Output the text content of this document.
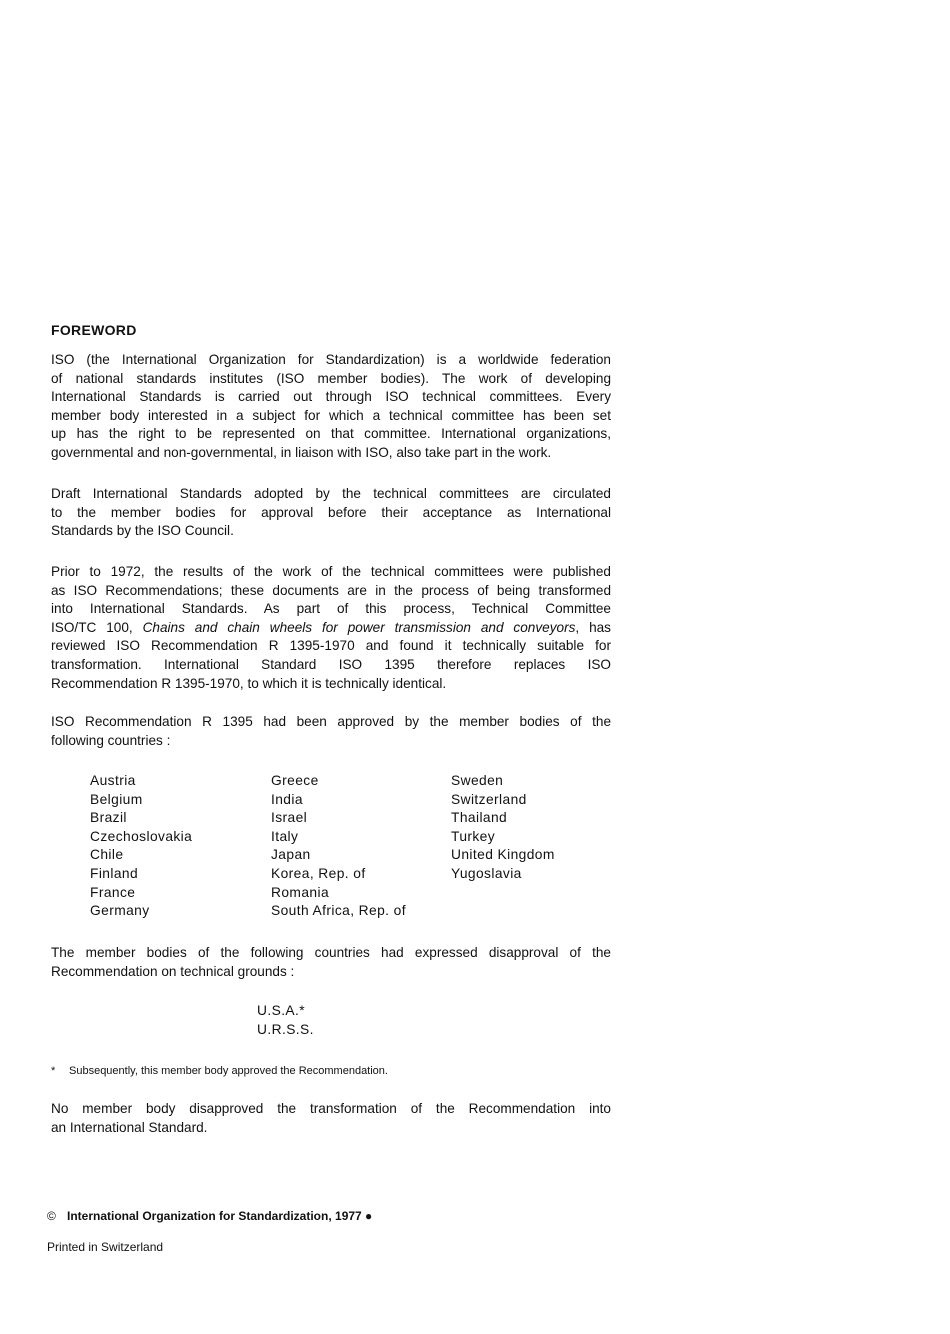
FOREWORD

ISO (the International Organization for Standardization) is a worldwide federation
of national standards institutes (ISO member bodies). The work of developing
International Standards is carried out through ISO technical committees. Every
member body interested in a subject for which a technical committee has been set
up has the right to be represented on that committee. International organizations,
governmental and non-governmental, in liaison with ISO, also take part in the work.

Draft International Standards adopted by the technical committees are circulated
to the member bodies for approval before their acceptance as International
Standards by the ISO Council.

Prior to 1972, the results of the work of the technical committees were published
as ISO Recommendations; these documents are in the process of being transformed
into International Standards. As part of this process, Technical Committee
ISO/TC 100, Chains and chain wheels for power transmission and conveyors, has
reviewed ISO Recommendation R 1395-1970 and found it technically suitable for
transformation. International Standard ISO 1395 therefore replaces ISO
Recommendation R 1395-1970, to which it is technically identical.

ISO Recommendation R 1395 had been approved by the member bodies of the
following countries :

Austria
Belgium
Brazil
Czechoslovakia
Chile
Finland
France
Germany
Greece
India
Israel
Italy
Japan
Korea, Rep. of
Romania
South Africa, Rep. of
Sweden
Switzerland
Thailand
Turkey
United Kingdom
Yugoslavia

The member bodies of the following countries had expressed disapproval of the
Recommendation on technical grounds :

U.S.A.*
U.R.S.S.
* Subsequently, this member body approved the Recommendation.

No member body disapproved the transformation of the Recommendation into
an International Standard.

© International Organization for Standardization, 1977 ●
Printed in Switzerland
